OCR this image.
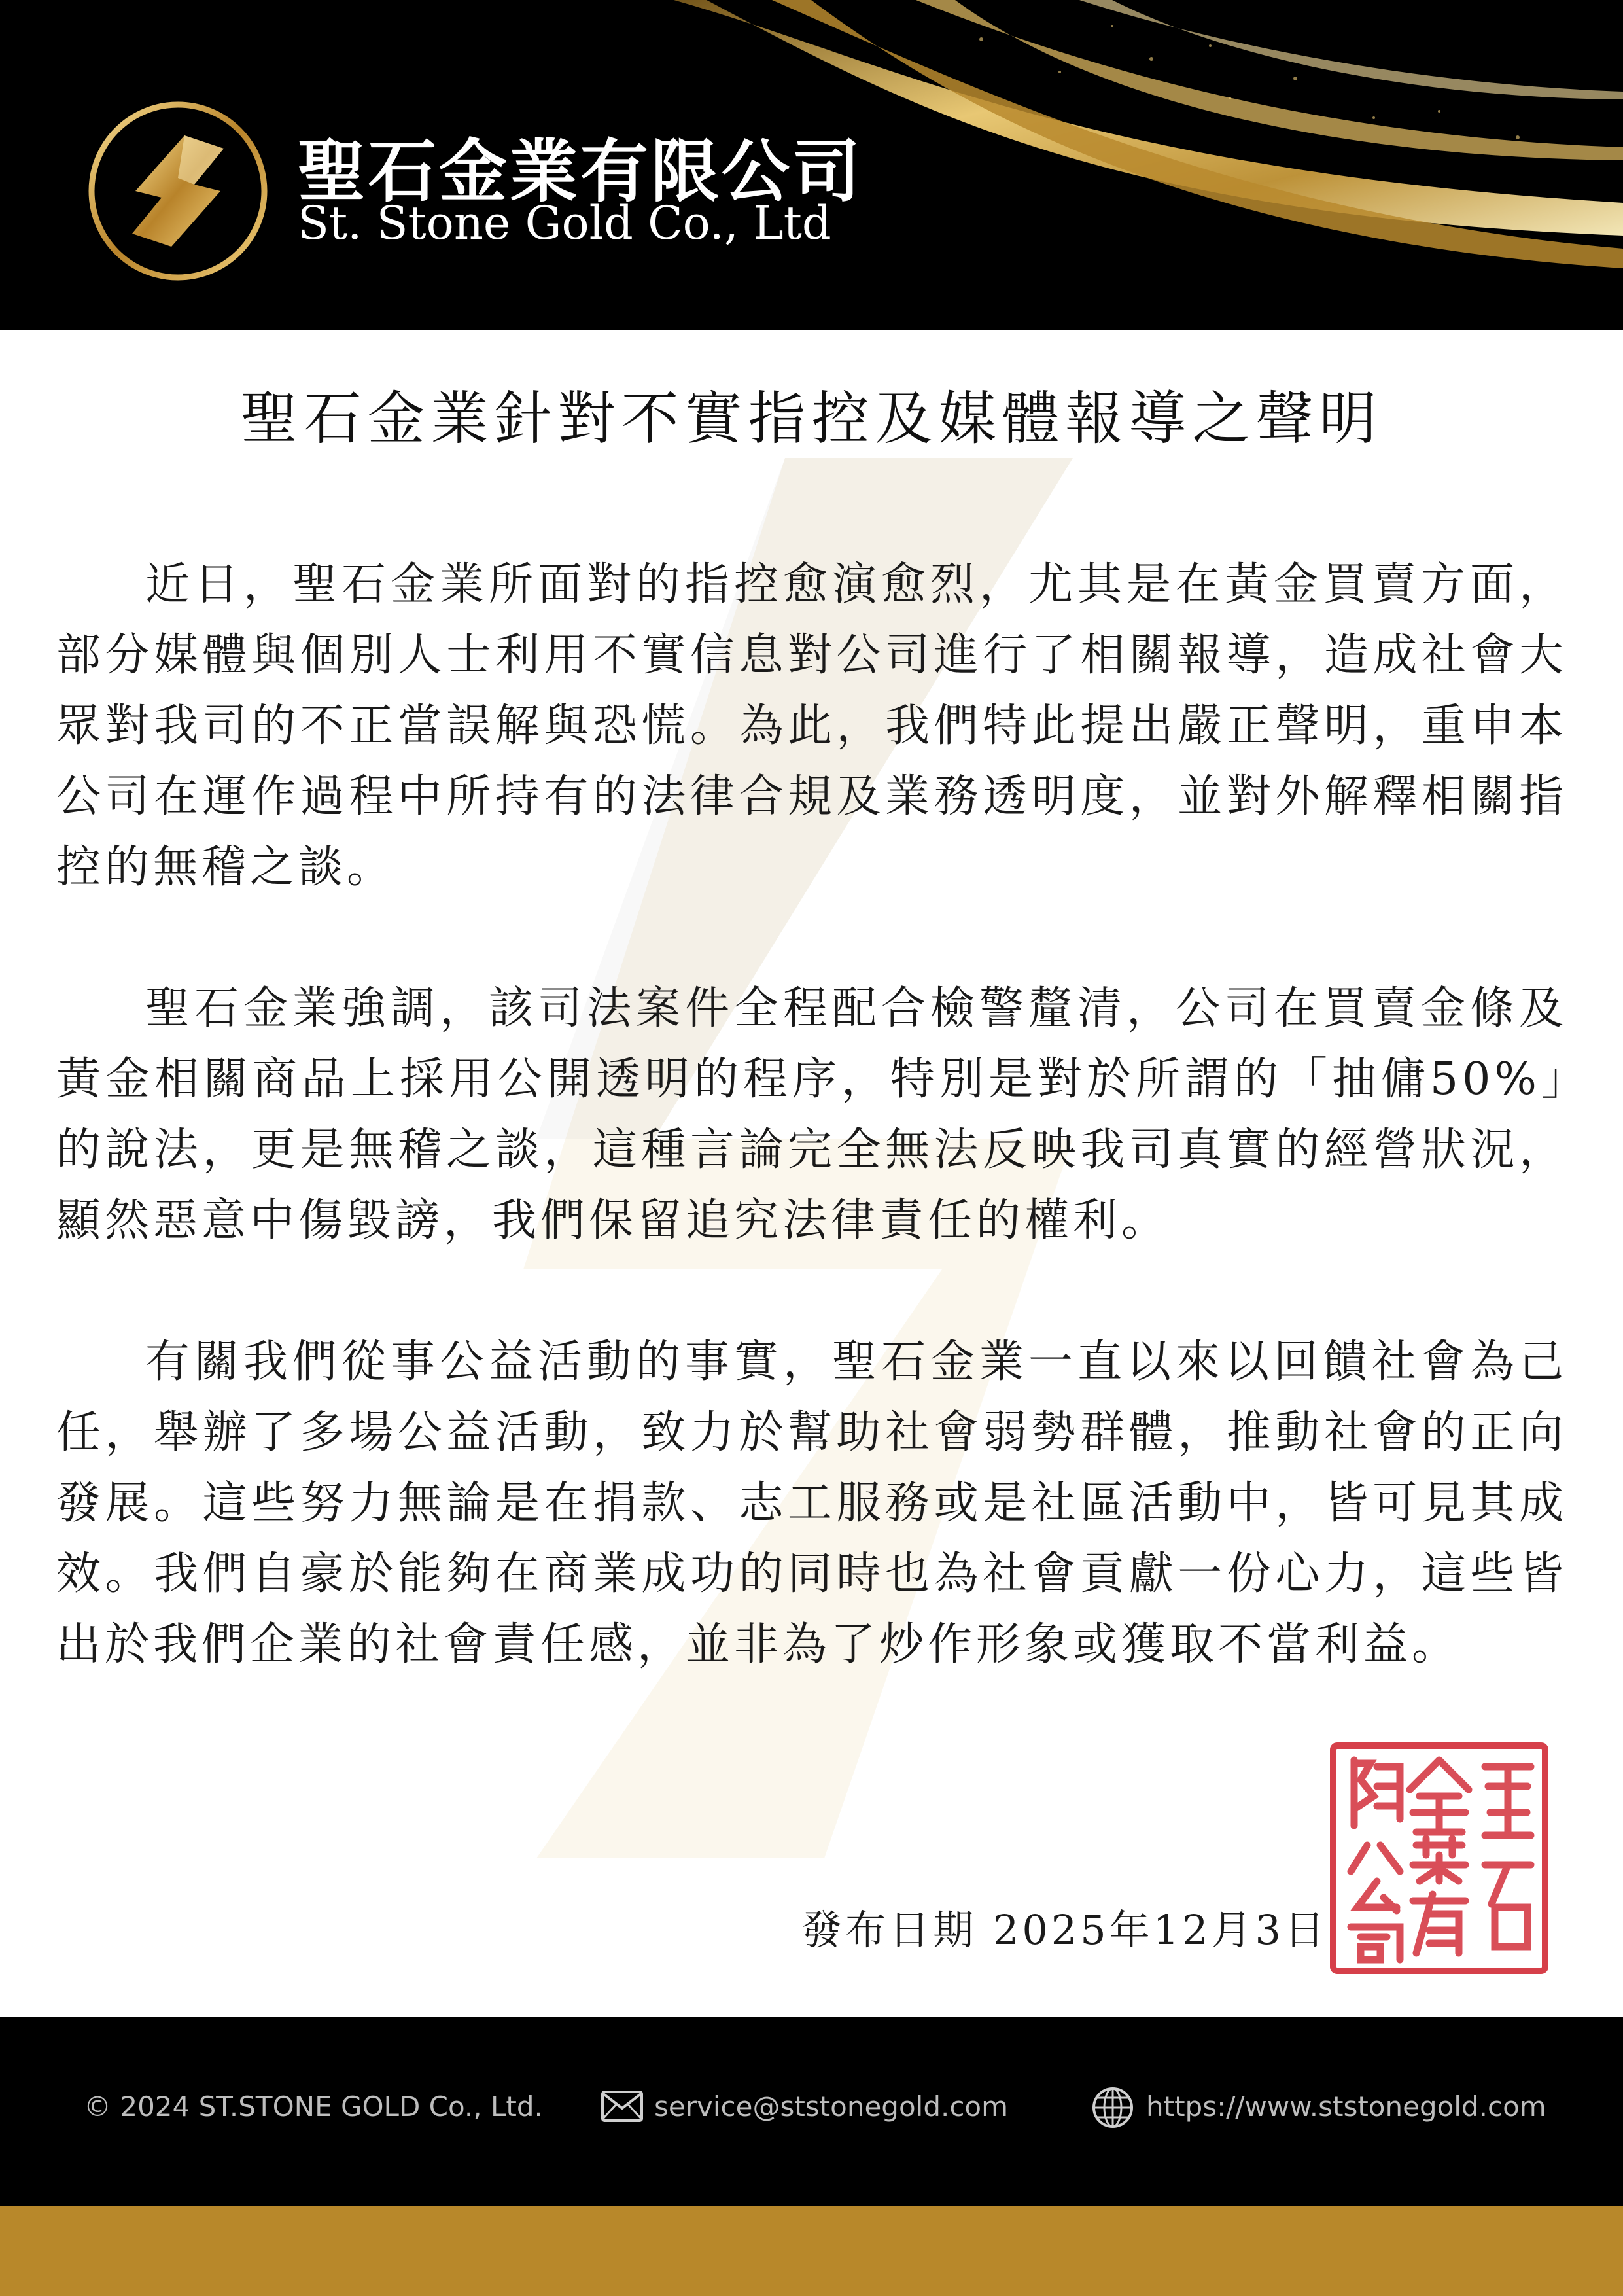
聖石金業有限公司
St. Stone Gold Co., Ltd
聖石金業針對不實指控及媒體報導之聲明

近日，聖石金業所面對的指控愈演愈烈，尤其是在黃金買賣方面，部分媒體與個別人士利用不實信息對公司進行了相關報導，造成社會大眾對我司的不正當誤解與恐慌。為此，我們特此提出嚴正聲明，重申本公司在運作過程中所持有的法律合規及業務透明度，並對外解釋相關指控的無稽之談。

聖石金業強調，該司法案件全程配合檢警釐清，公司在買賣金條及黃金相關商品上採用公開透明的程序，特別是對於所謂的「抽傭50%」的說法，更是無稽之談，這種言論完全無法反映我司真實的經營狀況，顯然惡意中傷毀謗，我們保留追究法律責任的權利。

有關我們從事公益活動的事實，聖石金業一直以來以回饋社會為己任，舉辦了多場公益活動，致力於幫助社會弱勢群體，推動社會的正向發展。這些努力無論是在捐款、志工服務或是社區活動中，皆可見其成效。我們自豪於能夠在商業成功的同時也為社會貢獻一份心力，這些皆出於我們企業的社會責任感，並非為了炒作形象或獲取不當利益。

發布日期 2025年12月3日
© 2024 ST.STONE GOLD Co., Ltd.	service@ststonegold.com	https://www.ststonegold.com
